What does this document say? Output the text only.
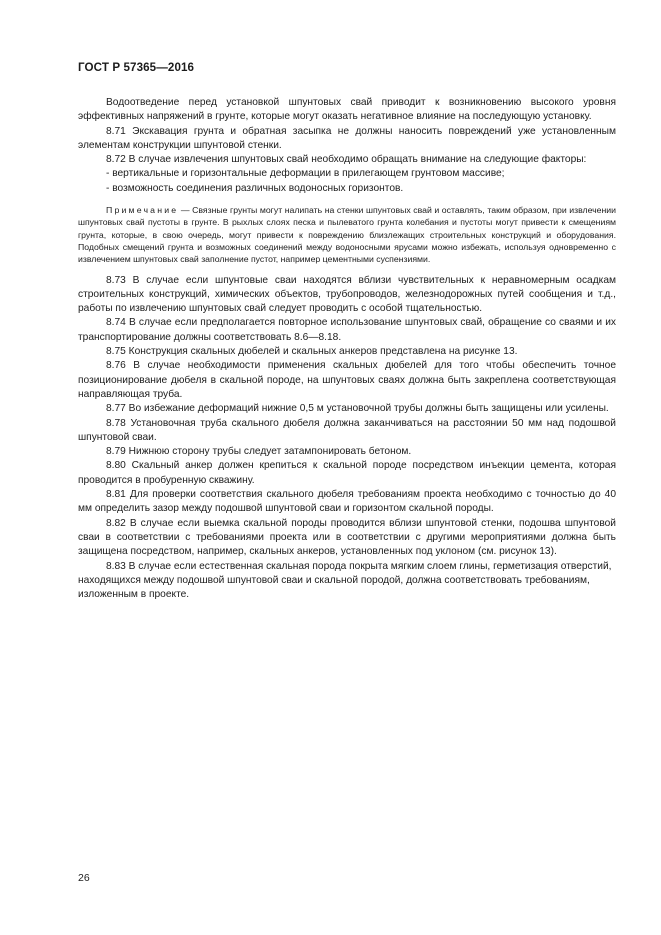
ГОСТ Р 57365—2016

Водоотведение перед установкой шпунтовых свай приводит к возникновению высокого уровня эффективных напряжений в грунте, которые могут оказать негативное влияние на последующую установку.

8.71 Экскавация грунта и обратная засыпка не должны наносить повреждений уже установленным элементам конструкции шпунтовой стенки.

8.72 В случае извлечения шпунтовых свай необходимо обращать внимание на следующие факторы:

- вертикальные и горизонтальные деформации в прилегающем грунтовом массиве;

- возможность соединения различных водоносных горизонтов.

Примечание — Связные грунты могут налипать на стенки шпунтовых свай и оставлять, таким образом, при извлечении шпунтовых свай пустоты в грунте. В рыхлых слоях песка и пылеватого грунта колебания и пустоты могут привести к смещениям грунта, которые, в свою очередь, могут привести к повреждению близлежащих строительных конструкций и оборудования. Подобных смещений грунта и возможных соединений между водоносными ярусами можно избежать, используя одновременно с извлечением шпунтовых свай заполнение пустот, например цементными суспензиями.

8.73 В случае если шпунтовые сваи находятся вблизи чувствительных к неравномерным осадкам строительных конструкций, химических объектов, трубопроводов, железнодорожных путей сообщения и т.д., работы по извлечению шпунтовых свай следует проводить с особой тщательностью.

8.74 В случае если предполагается повторное использование шпунтовых свай, обращение со сваями и их транспортирование должны соответствовать 8.6—8.18.

8.75 Конструкция скальных дюбелей и скальных анкеров представлена на рисунке 13.

8.76 В случае необходимости применения скальных дюбелей для того чтобы обеспечить точное позиционирование дюбеля в скальной породе, на шпунтовых сваях должна быть закреплена соответствующая направляющая труба.

8.77 Во избежание деформаций нижние 0,5 м установочной трубы должны быть защищены или усилены.

8.78 Установочная труба скального дюбеля должна заканчиваться на расстоянии 50 мм над подошвой шпунтовой сваи.

8.79 Нижнюю сторону трубы следует затампонировать бетоном.

8.80 Скальный анкер должен крепиться к скальной породе посредством инъекции цемента, которая проводится в пробуренную скважину.

8.81 Для проверки соответствия скального дюбеля требованиям проекта необходимо с точностью до 40 мм определить зазор между подошвой шпунтовой сваи и горизонтом скальной породы.

8.82 В случае если выемка скальной породы проводится вблизи шпунтовой стенки, подошва шпунтовой сваи в соответствии с требованиями проекта или в соответствии с другими мероприятиями должна быть защищена посредством, например, скальных анкеров, установленных под уклоном (см. рисунок 13).

8.83 В случае если естественная скальная порода покрыта мягким слоем глины, герметизация отверстий, находящихся между подошвой шпунтовой сваи и скальной породой, должна соответствовать требованиям, изложенным в проекте.

26
